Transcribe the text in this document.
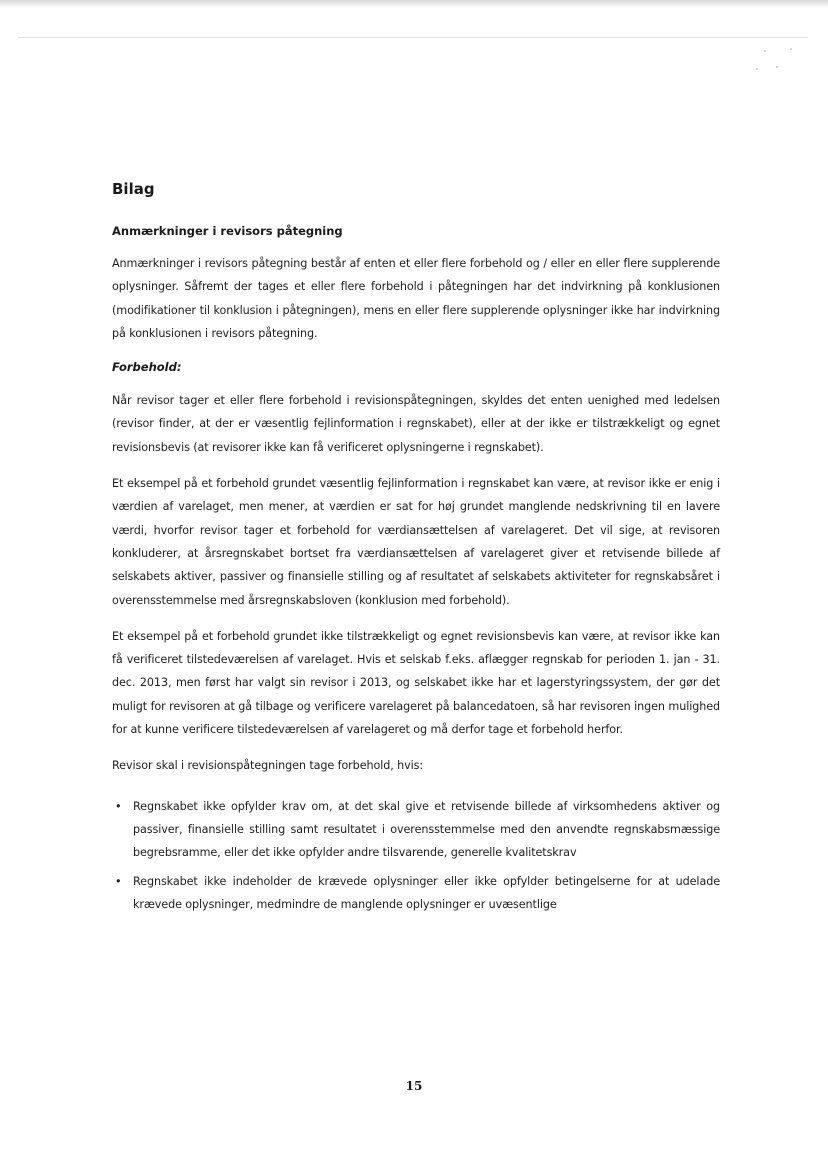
Bilag
Anmærkninger i revisors påtegning

Anmærkninger i revisors påtegning består af enten et eller flere forbehold og / eller en eller flere supplerende oplysninger. Såfremt der tages et eller flere forbehold i påtegningen har det indvirkning på konklusionen (modifikationer til konklusion i påtegningen), mens en eller flere supplerende oplysninger ikke har indvirkning på konklusionen i revisors påtegning.

Forbehold:

Når revisor tager et eller flere forbehold i revisionspåtegningen, skyldes det enten uenighed med ledelsen (revisor finder, at der er væsentlig fejlinformation i regnskabet), eller at der ikke er tilstrækkeligt og egnet revisionsbevis (at revisorer ikke kan få verificeret oplysningerne i regnskabet).

Et eksempel på et forbehold grundet væsentlig fejlinformation i regnskabet kan være, at revisor ikke er enig i værdien af varelaget, men mener, at værdien er sat for høj grundet manglende nedskrivning til en lavere værdi, hvorfor revisor tager et forbehold for værdiansættelsen af varelageret. Det vil sige, at revisoren konkluderer, at årsregnskabet bortset fra værdiansættelsen af varelageret giver et retvisende billede af selskabets aktiver, passiver og finansielle stilling og af resultatet af selskabets aktiviteter for regnskabsåret i overensstemmelse med årsregnskabsloven (konklusion med forbehold).

Et eksempel på et forbehold grundet ikke tilstrækkeligt og egnet revisionsbevis kan være, at revisor ikke kan få verificeret tilstedeværelsen af varelaget. Hvis et selskab f.eks. aflægger regnskab for perioden 1. jan - 31. dec. 2013, men først har valgt sin revisor i 2013, og selskabet ikke har et lagerstyringssystem, der gør det muligt for revisoren at gå tilbage og verificere varelageret på balancedatoen, så har revisoren ingen mulighed for at kunne verificere tilstedeværelsen af varelageret og må derfor tage et forbehold herfor.

Revisor skal i revisionspåtegningen tage forbehold, hvis:

• Regnskabet ikke opfylder krav om, at det skal give et retvisende billede af virksomhedens aktiver og passiver, finansielle stilling samt resultatet i overensstemmelse med den anvendte regnskabsmæssige begrebsramme, eller det ikke opfylder andre tilsvarende, generelle kvalitetskrav
• Regnskabet ikke indeholder de krævede oplysninger eller ikke opfylder betingelserne for at udelade krævede oplysninger, medmindre de manglende oplysninger er uvæsentlige
15
